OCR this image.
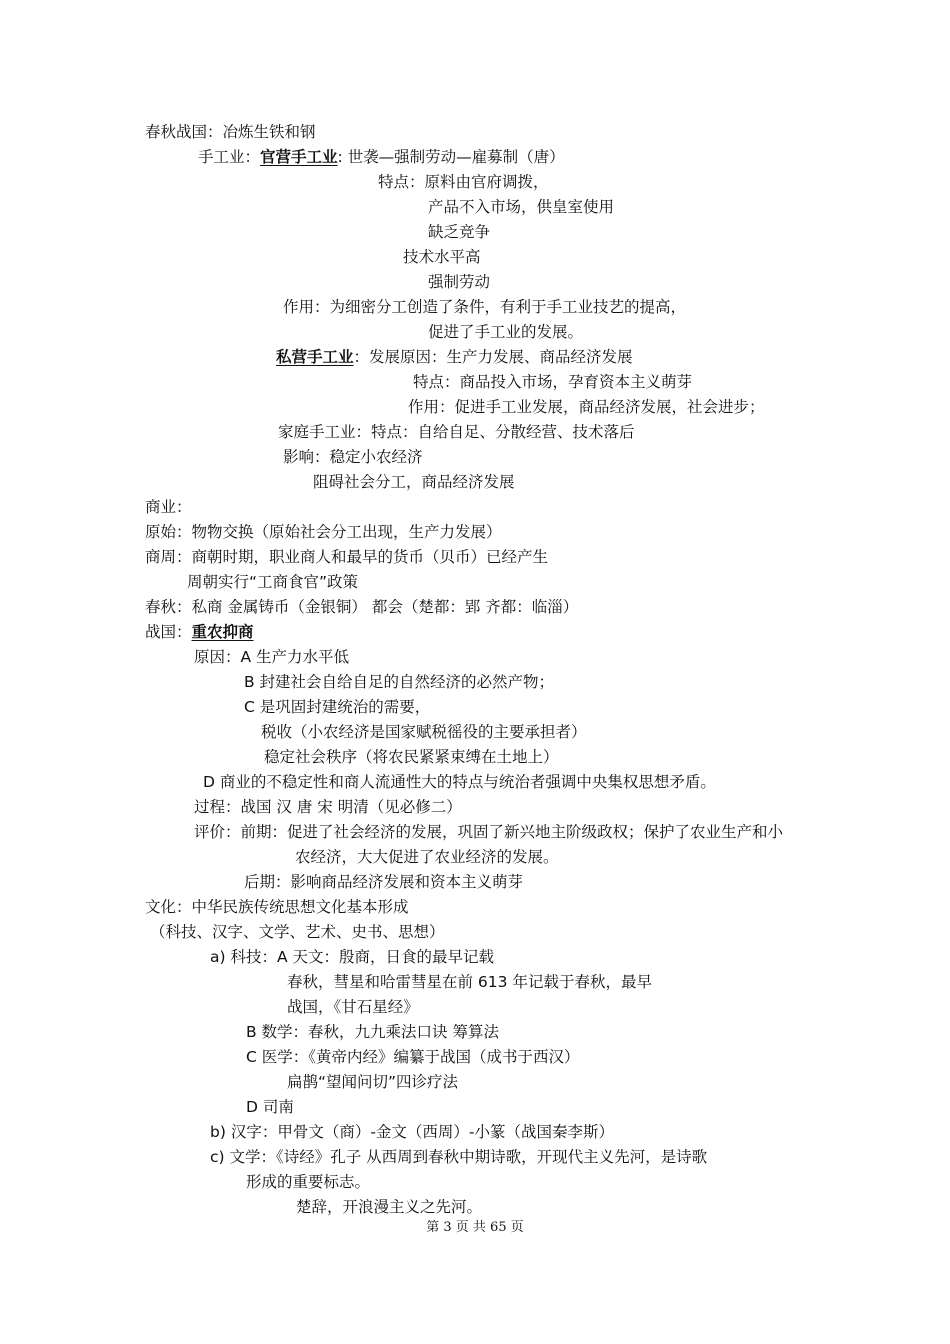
春秋战国：冶炼生铁和钢
手工业：官营手工业: 世袭—强制劳动—雇募制（唐）
特点：原料由官府调拨，
产品不入市场，供皇室使用
缺乏竞争
技术水平高
强制劳动
作用：为细密分工创造了条件，有利于手工业技艺的提高，
促进了手工业的发展。
私营手工业：发展原因：生产力发展、商品经济发展
特点：商品投入市场，孕育资本主义萌芽
作用：促进手工业发展，商品经济发展，社会进步；
家庭手工业：特点：自给自足、分散经营、技术落后
影响：稳定小农经济
阻碍社会分工，商品经济发展
商业：
原始：物物交换（原始社会分工出现，生产力发展）
商周：商朝时期，职业商人和最早的货币（贝币）已经产生
周朝实行“工商食官”政策
春秋：私商 金属铸币（金银铜） 都会（楚都：郢 齐都：临淄）
战国：重农抑商
原因：A 生产力水平低
B 封建社会自给自足的自然经济的必然产物；
C 是巩固封建统治的需要，
税收（小农经济是国家赋税徭役的主要承担者）
稳定社会秩序（将农民紧紧束缚在土地上）
D 商业的不稳定性和商人流通性大的特点与统治者强调中央集权思想矛盾。
过程：战国 汉 唐 宋 明清（见必修二）
评价：前期：促进了社会经济的发展，巩固了新兴地主阶级政权；保护了农业生产和小
农经济，大大促进了农业经济的发展。
后期：影响商品经济发展和资本主义萌芽
文化：中华民族传统思想文化基本形成
（科技、汉字、文学、艺术、史书、思想）
a) 科技：A 天文：殷商，日食的最早记载
春秋，彗星和哈雷彗星在前 613 年记载于春秋，最早
战国，《甘石星经》
B 数学：春秋，九九乘法口诀 筹算法
C 医学：《黄帝内经》编纂于战国（成书于西汉）
扁鹊“望闻问切”四诊疗法
D 司南
b) 汉字：甲骨文（商）-金文（西周）-小篆（战国秦李斯）
c) 文学：《诗经》孔子 从西周到春秋中期诗歌，开现代主义先河，是诗歌
形成的重要标志。
楚辞，开浪漫主义之先河。
第 3 页 共 65 页
